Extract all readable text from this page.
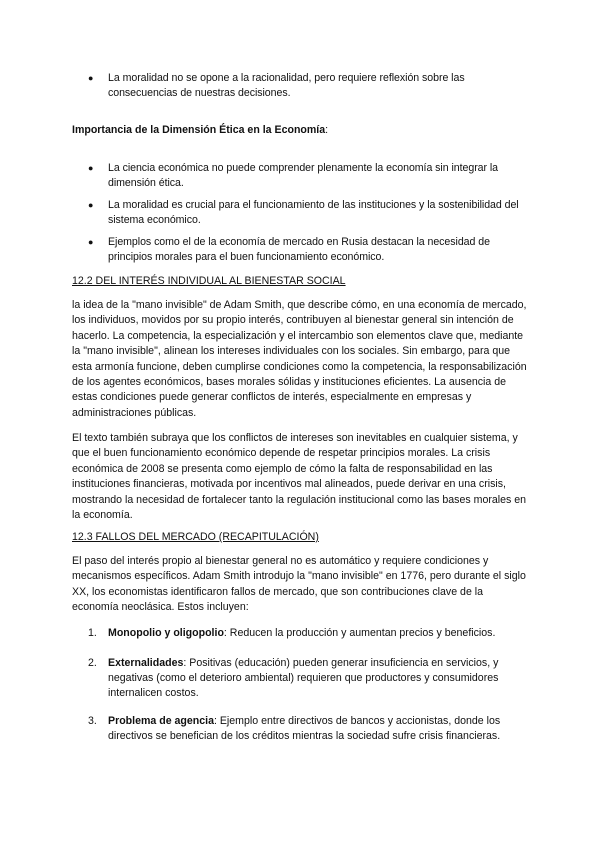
●	La moralidad no se opone a la racionalidad, pero requiere reflexión sobre las consecuencias de nuestras decisiones.
Importancia de la Dimensión Ética en la Economía:
●	La ciencia económica no puede comprender plenamente la economía sin integrar la dimensión ética.
●	La moralidad es crucial para el funcionamiento de las instituciones y la sostenibilidad del sistema económico.
●	Ejemplos como el de la economía de mercado en Rusia destacan la necesidad de principios morales para el buen funcionamiento económico.
12.2 DEL INTERÉS INDIVIDUAL AL BIENESTAR SOCIAL
la idea de la "mano invisible" de Adam Smith, que describe cómo, en una economía de mercado, los individuos, movidos por su propio interés, contribuyen al bienestar general sin intención de hacerlo. La competencia, la especialización y el intercambio son elementos clave que, mediante la "mano invisible", alinean los intereses individuales con los sociales. Sin embargo, para que esta armonía funcione, deben cumplirse condiciones como la competencia, la responsabilización de los agentes económicos, bases morales sólidas y instituciones eficientes. La ausencia de estas condiciones puede generar conflictos de interés, especialmente en empresas y administraciones públicas.
El texto también subraya que los conflictos de intereses son inevitables en cualquier sistema, y que el buen funcionamiento económico depende de respetar principios morales. La crisis económica de 2008 se presenta como ejemplo de cómo la falta de responsabilidad en las instituciones financieras, motivada por incentivos mal alineados, puede derivar en una crisis, mostrando la necesidad de fortalecer tanto la regulación institucional como las bases morales en la economía.
12.3 FALLOS DEL MERCADO (RECAPITULACIÓN)
El paso del interés propio al bienestar general no es automático y requiere condiciones y mecanismos específicos. Adam Smith introdujo la "mano invisible" en 1776, pero durante el siglo XX, los economistas identificaron fallos de mercado, que son contribuciones clave de la economía neoclásica. Estos incluyen:
1. Monopolio y oligopolio: Reducen la producción y aumentan precios y beneficios.
2. Externalidades: Positivas (educación) pueden generar insuficiencia en servicios, y negativas (como el deterioro ambiental) requieren que productores y consumidores internalicen costos.
3. Problema de agencia: Ejemplo entre directivos de bancos y accionistas, donde los directivos se benefician de los créditos mientras la sociedad sufre crisis financieras.
